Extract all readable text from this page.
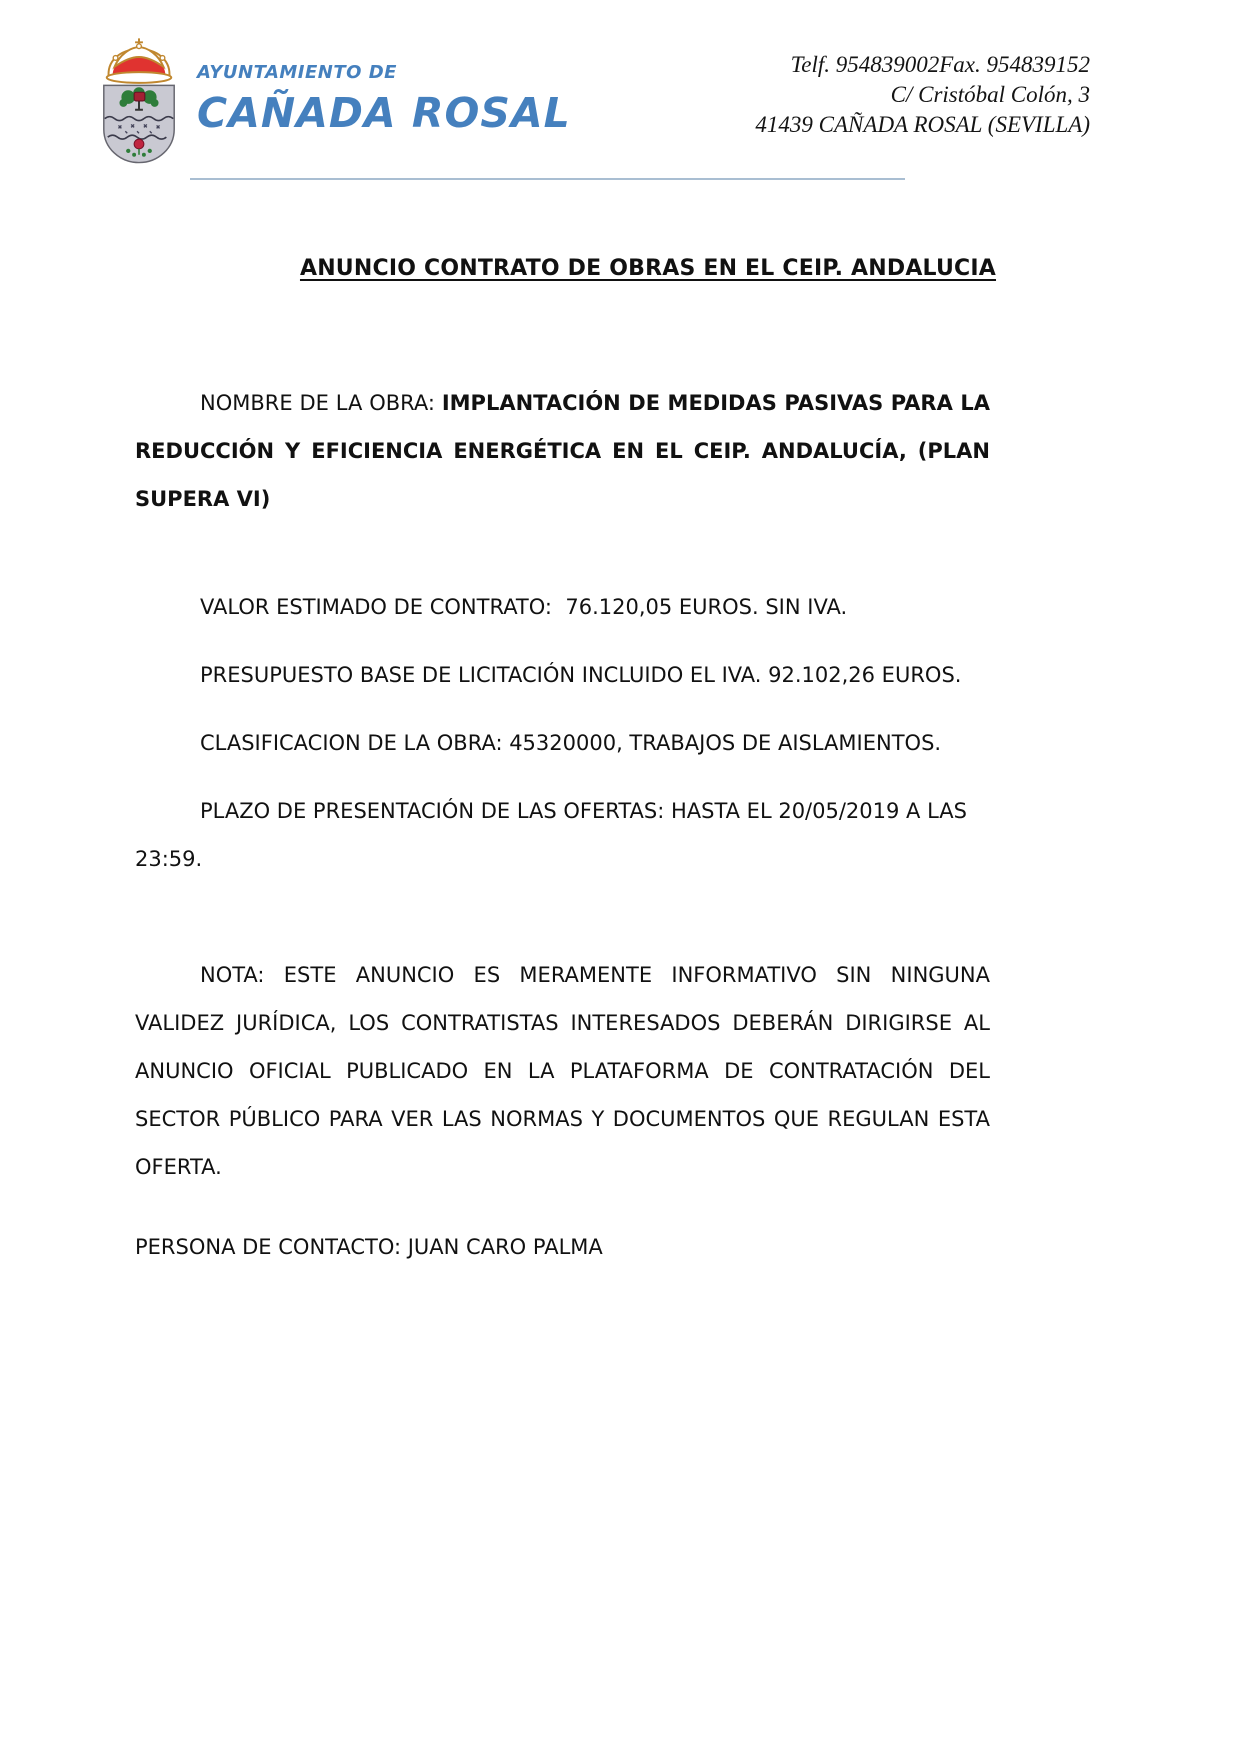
AYUNTAMIENTO DE
CAÑADA ROSAL
Telf. 954839002Fax. 954839152
C/ Cristóbal Colón, 3
41439 CAÑADA ROSAL (SEVILLA)
ANUNCIO CONTRATO DE OBRAS EN EL CEIP. ANDALUCIA

NOMBRE DE LA OBRA: IMPLANTACIÓN DE MEDIDAS PASIVAS PARA LA REDUCCIÓN Y EFICIENCIA ENERGÉTICA EN EL CEIP. ANDALUCÍA, (PLAN SUPERA VI)

VALOR ESTIMADO DE CONTRATO:  76.120,05 EUROS. SIN IVA.

PRESUPUESTO BASE DE LICITACIÓN INCLUIDO EL IVA. 92.102,26 EUROS.

CLASIFICACION DE LA OBRA: 45320000, TRABAJOS DE AISLAMIENTOS.

PLAZO DE PRESENTACIÓN DE LAS OFERTAS: HASTA EL 20/05/2019 A LAS 23:59.

NOTA: ESTE ANUNCIO ES MERAMENTE INFORMATIVO SIN NINGUNA VALIDEZ JURÍDICA, LOS CONTRATISTAS INTERESADOS DEBERÁN DIRIGIRSE AL ANUNCIO OFICIAL PUBLICADO EN LA PLATAFORMA DE CONTRATACIÓN DEL SECTOR PÚBLICO PARA VER LAS NORMAS Y DOCUMENTOS QUE REGULAN ESTA OFERTA.

PERSONA DE CONTACTO: JUAN CARO PALMA
